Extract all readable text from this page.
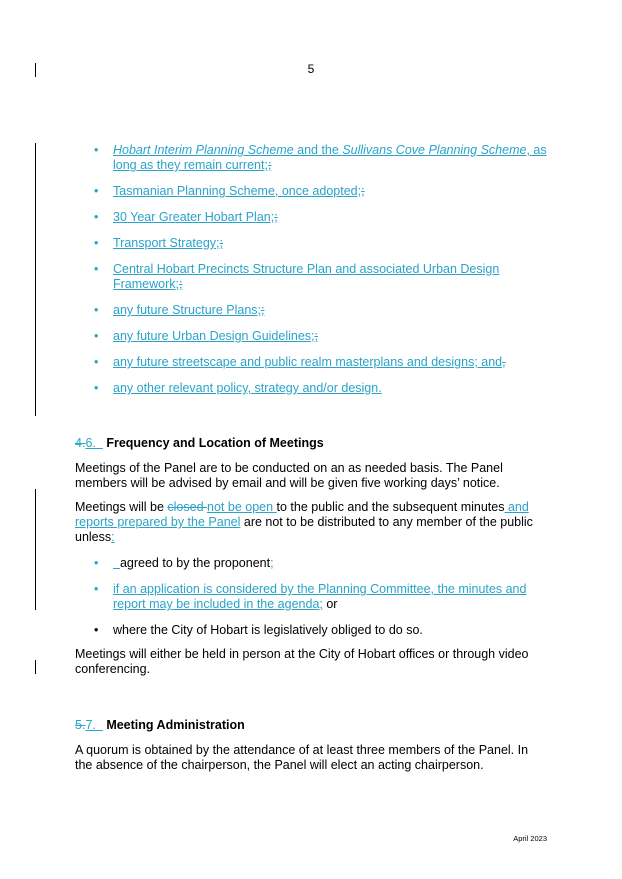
5
• Hobart Interim Planning Scheme and the Sullivans Cove Planning Scheme, as long as they remain current;;
• Tasmanian Planning Scheme, once adopted;;
• 30 Year Greater Hobart Plan;;
• Transport Strategy;;
• Central Hobart Precincts Structure Plan and associated Urban Design Framework;;
• any future Structure Plans;;
• any future Urban Design Guidelines;;
• any future streetscape and public realm masterplans and designs; and,
• any other relevant policy, strategy and/or design.
4.6. Frequency and Location of Meetings
Meetings of the Panel are to be conducted on an as needed basis. The Panel members will be advised by email and will be given five working days’ notice.
Meetings will be closed not be open to the public and the subsequent minutes and reports prepared by the Panel are not to be distributed to any member of the public unless:
• agreed to by the proponent;
• if an application is considered by the Planning Committee, the minutes and report may be included in the agenda; or
• where the City of Hobart is legislatively obliged to do so.
Meetings will either be held in person at the City of Hobart offices or through video conferencing.
5.7. Meeting Administration
A quorum is obtained by the attendance of at least three members of the Panel. In the absence of the chairperson, the Panel will elect an acting chairperson.
April 2023
